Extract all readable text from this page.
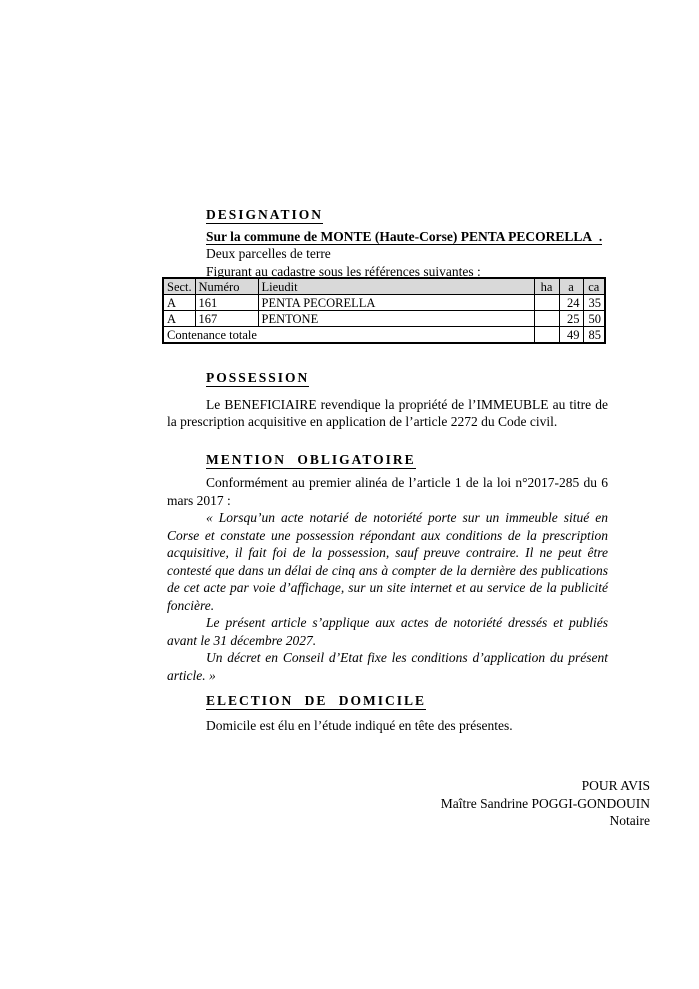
DESIGNATION

Sur la commune de MONTE (Haute-Corse) PENTA PECORELLA  .

Deux parcelles de terre

Figurant au cadastre sous les références suivantes :

Sect.	Numéro	Lieudit	ha	a	ca
A	161	PENTA PECORELLA		24	35
A	167	PENTONE		25	50
Contenance totale				49	85
POSSESSION

Le BENEFICIAIRE revendique la propriété de l’IMMEUBLE au titre de la prescription acquisitive en application de l’article 2272 du Code civil.

MENTION OBLIGATOIRE

Conformément au premier alinéa de l’article 1 de la loi n°2017-285 du 6 mars 2017 :

« Lorsqu’un acte notarié de notoriété porte sur un immeuble situé en Corse et constate une possession répondant aux conditions de la prescription acquisitive, il fait foi de la possession, sauf preuve contraire. Il ne peut être contesté que dans un délai de cinq ans à compter de la dernière des publications de cet acte par voie d’affichage, sur un site internet et au service de la publicité foncière.

Le présent article s’applique aux actes de notoriété dressés et publiés avant le 31 décembre 2027.

Un décret en Conseil d’Etat fixe les conditions d’application du présent article. »

ELECTION DE DOMICILE

Domicile est élu en l’étude indiqué en tête des présentes.

POUR AVIS

Maître Sandrine POGGI-GONDOUIN

Notaire
